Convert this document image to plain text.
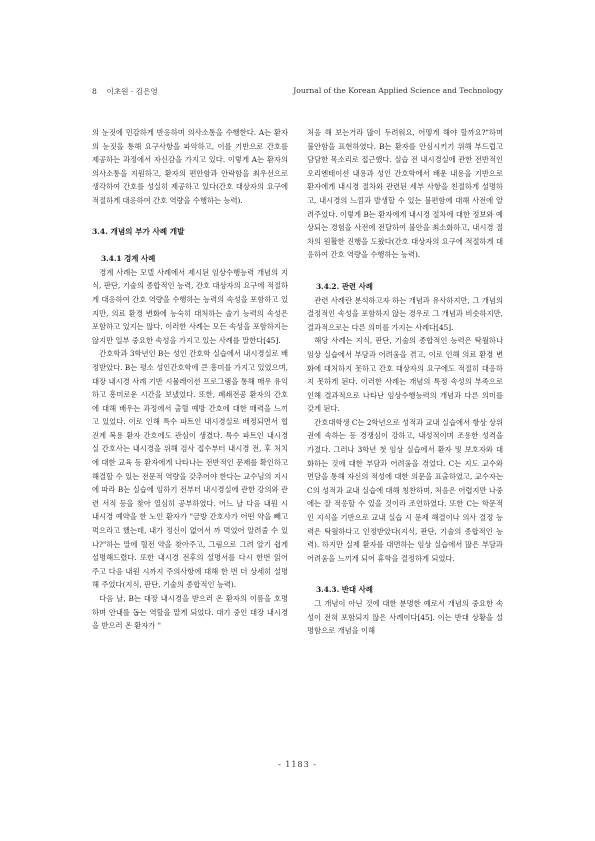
8 이초원 · 김은영	Journal of the Korean Applied Science and Technology

의 눈짓에 민감하게 반응하며 의사소통을 수행한다. A는 환자의 눈짓을 통해 요구사항을 파악하고, 이를 기반으로 간호를 제공하는 과정에서 자신감을 가지고 있다. 이렇게 A는 환자의 의사소통을 지원하고, 환자의 편안함과 안락함을 최우선으로 생각하여 간호를 성실히 제공하고 있다(간호 대상자의 요구에 적절하게 대응하여 간호 역량을 수행하는 능력).

3.4. 개념의 부가 사례 개발
3.4.1 경계 사례

경계 사례는 모델 사례에서 제시된 임상수행능력 개념의 지식, 판단, 기술의 종합적인 능력, 간호 대상자의 요구에 적절하게 대응하여 간호 역량을 수행하는 능력의 속성을 포함하고 있지만, 의료 환경 변화에 능숙히 대처하는 술기 능력의 속성은 포함하고 있지는 않다. 이러한 사례는 모든 속성을 포함하지는 않지만 일부 중요한 속성을 가지고 있는 사례를 말한다[45].

간호학과 3학년인 B는 성인 간호학 실습에서 내시경실로 배정받았다. B는 평소 성인간호학에 큰 흥미를 가지고 있었으며, 대장 내시경 사례 기반 시뮬레이션 프로그램을 통해 매우 유익하고 흥미로운 시간을 보냈었다. 또한, 폐쇄전공 환자의 간호에 대해 배우는 과정에서 출혈 예방 간호에 대한 매력을 느끼고 있었다. 이로 인해 특수 파트인 내시경실로 배정되면서 협진계 복용 환자 간호에도 관심이 생겼다. 특수 파트인 내시경실 간호사는 내시경을 위해 검사 접수부터 내시경 전, 후 처치에 대한 교육 등 환자에게 나타나는 전반적인 문제를 확인하고 해결할 수 있는 전문적 역량을 갖추어야 한다는 교수님의 지시에 따라 B는 실습에 임하기 전부터 내시경실에 관한 강의와 관련 서적 등을 찾아 열심히 공부하였다. 어느 날 다음 내원 시 내시경 예약을 한 노인 환자가 "금방 간호사가 어떤 약을 빼고 먹으라고 했는데, 내가 정신이 없어서 까 먹었어 알려줄 수 있나?"하는 말에 혈전 약을 찾아주고, 그림으로 그려 알기 쉽게 설명해드렸다. 또한 내시경 전후의 설명서를 다시 한번 읽어 주고 다음 내원 시까지 주의사항에 대해 한 번 더 상세히 설명해 주었다(지식, 판단, 기술의 종합적인 능력).

다음 날, B는 대장 내시경을 받으러 온 환자의 이름을 호명하며 안내를 돕는 역할을 맡게 되었다. 대기 중인 대장 내시경을 받으러 온 환자가 "

처음 해 보는거라 많이 두려워요, 어떻게 해야 할까요?"하며 불안함을 표현하였다. B는 환자를 안심시키기 위해 부드럽고 담담한 목소리로 접근했다. 실습 전 내시경실에 관한 전반적인 오리엔테이션 내용과 성인 간호학에서 배운 내용을 기반으로 환자에게 내시경 절차와 관련된 세부 사항을 친절하게 설명하고, 내시경의 느낌과 발생할 수 있는 불편함에 대해 사전에 알려주었다. 이렇게 B는 환자에게 내시경 절차에 대한 정보와 예상되는 경험을 사전에 전달하여 불안을 최소화하고, 내시경 절차의 원활한 진행을 도왔다(간호 대상자의 요구에 적절하게 대응하여 간호 역량을 수행하는 능력).

3.4.2. 관련 사례

관련 사례란 분석하고자 하는 개념과 유사하지만, 그 개념의 결정적인 속성을 포함하지 않는 경우로 그 개념과 비슷하지만, 결과적으로는 다른 의미를 가지는 사례다[45].

해당 사례는 지식, 판단, 기술의 종합적인 능력은 탁월하나 임상 실습에서 부담과 어려움을 겪고, 이로 인해 의료 환경 변화에 대처하지 못하고 간호 대상자의 요구에도 적절히 대응하지 못하게 된다. 이러한 사례는 개념의 특정 속성의 부족으로 인해 결과적으로 나타난 임상수행능력의 개념과 다른 의미를 갖게 된다.

간호대학생 C는 2학년으로 성적과 교내 실습에서 항상 상위권에 속하는 등 경쟁심이 강하고, 내성적이며 조용한 성격을 가졌다. 그러나 3학년 첫 임상 실습에서 환자 및 보호자와 대화하는 것에 대한 부담과 어려움을 겪었다. C는 지도 교수와 면담을 통해 자신의 적성에 대한 의문을 표출하였고, 교수자는 C의 성적과 교내 실습에 대해 칭찬하며, 처음은 어렵지만 나중에는 잘 적응할 수 있을 것이라 조언하였다. 또한 C는 학문적인 지식을 기반으로 교내 실습 시 문제 해결이나 의사 결정 능력은 탁월하다고 인정받았다(지식, 판단, 기술의 종합적인 능력). 하지만 실제 환자를 대면하는 임상 실습에서 많은 부담과 어려움을 느끼게 되어 휴학을 결정하게 되었다.

3.4.3. 반대 사례

그 개념이 아닌 것에 대한 분명한 예로서 개념의 중요한 속성이 전혀 포함되지 않은 사례이다[45]. 이는 반대 상황을 설명함으로 개념을 이해

- 1183 -
